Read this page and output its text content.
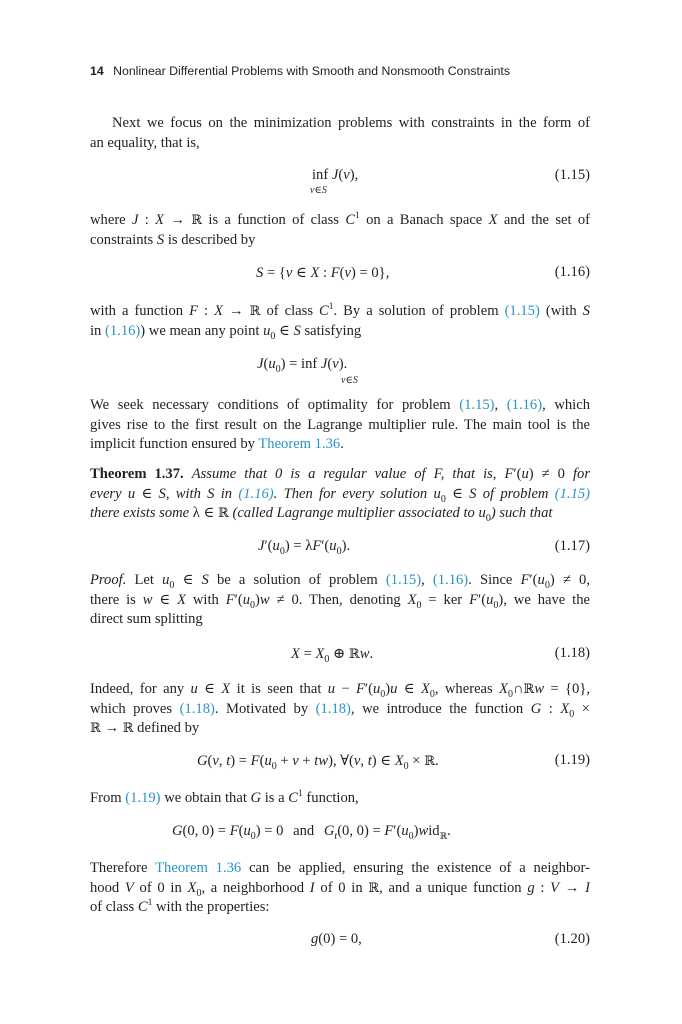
14 Nonlinear Differential Problems with Smooth and Nonsmooth Constraints
Next we focus on the minimization problems with constraints in the form of
an equality, that is,
inf J(v),
v∈S
(1.15)
where J : X → ℝ is a function of class $C^1$ on a Banach space X and the set of
constraints S is described by
S = {v ∈ X : F(v) = 0},	(1.16)
with a function F : X → ℝ of class $C^1$. By a solution of problem (1.15) (with S
in (1.16)) we mean any point $u_0$ ∈ S satisfying
$J(u_0)$ = inf J(v).
v∈S
We seek necessary conditions of optimality for problem (1.15), (1.16), which
gives rise to the first result on the Lagrange multiplier rule. The main tool is the
implicit function ensured by Theorem 1.36.
Theorem 1.37. Assume that 0 is a regular value of F, that is, F′(u) ≠ 0 for
every u ∈ S, with S in (1.16). Then for every solution $u_0$ ∈ S of problem (1.15)
there exists some λ ∈ ℝ (called Lagrange multiplier associated to $u_0$) such that
$J'(u_0) = \lambda F'(u_0)$.	(1.17)
Proof. Let $u_0$ ∈ S be a solution of problem (1.15), (1.16). Since $F'(u_0) \ne 0$,
there is w ∈ X with $F'(u_0)w \ne 0$. Then, denoting $X_0$ = ker $F'(u_0)$, we have the
direct sum splitting
$X = X_0$ ⊕ ℝw.	(1.18)
Indeed, for any u ∈ X it is seen that $u - F'(u_0)u$ ∈ $X_0$, whereas $X_0\cap ℝw = \{0\}$,
which proves (1.18). Motivated by (1.18), we introduce the function G : $X_0$ ×
ℝ → ℝ defined by
G(v, $t) = F(u_0 + v + tw)$, ∀(v, t) ∈ $X_0$ × ℝ.	(1.19)
From (1.19) we obtain that G is a $C^1$ function,
G(0, $0) = F(u_0) = 0$ and $G_t(0$, $0) = F'(u_0)wid_ℝ$.
Therefore Theorem 1.36 can be applied, ensuring the existence of a neighbor-
hood V of 0 in $X_0$, a neighborhood I of 0 in ℝ, and a unique function g : V → I
of class $C^1$ with the properties:
g(0) = 0,	(1.20)
